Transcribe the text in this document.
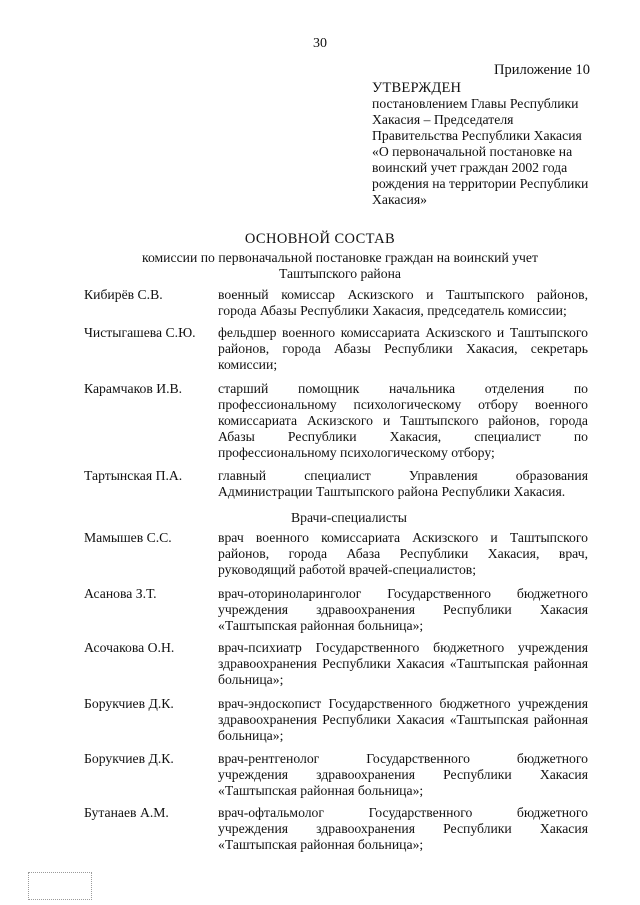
30
Приложение 10
УТВЕРЖДЕН
постановлением Главы Республики
Хакасия – Председателя
Правительства Республики Хакасия
«О первоначальной постановке на
воинский учет граждан 2002 года
рождения на территории Республики
Хакасия»
ОСНОВНОЙ СОСТАВ
комиссии по первоначальной постановке граждан на воинский учет
Таштыпского района
Кибирёв С.В.	военный комиссар Аскизского и Таштыпского районов,
города Абазы Республики Хакасия, председатель комиссии;
Чистыгашева С.Ю. фельдшер военного комиссариата Аскизского и Таштыпского
районов, города Абазы Республики Хакасия, секретарь
комиссии;
Карамчаков И.В.	старший помощник начальника отделения по
профессиональному психологическому отбору военного
комиссариата Аскизского и Таштыпского районов, города
Абазы Республики Хакасия, специалист по
профессиональному психологическому отбору;
Тартынская П.А.	главный специалист Управления образования
Администрации Таштыпского района Республики Хакасия.
Врачи-специалисты
Мамышев С.С.	врач военного комиссариата Аскизского и Таштыпского
районов, города Абаза Республики Хакасия, врач,
руководящий работой врачей-специалистов;
Асанова З.Т.	врач-оториноларинголог Государственного бюджетного
учреждения здравоохранения Республики Хакасия
«Таштыпская районная больница»;
Асочакова О.Н.	врач-психиатр Государственного бюджетного учреждения
здравоохранения Республики Хакасия «Таштыпская районная
больница»;
Борукчиев Д.К.	врач-эндоскопист Государственного бюджетного учреждения
здравоохранения Республики Хакасия «Таштыпская районная
больница»;
Борукчиев Д.К.	врач-рентгенолог Государственного бюджетного
учреждения здравоохранения Республики Хакасия
«Таштыпская районная больница»;
Бутанаев А.М.	врач-офтальмолог Государственного бюджетного
учреждения здравоохранения Республики Хакасия
«Таштыпская районная больница»;
